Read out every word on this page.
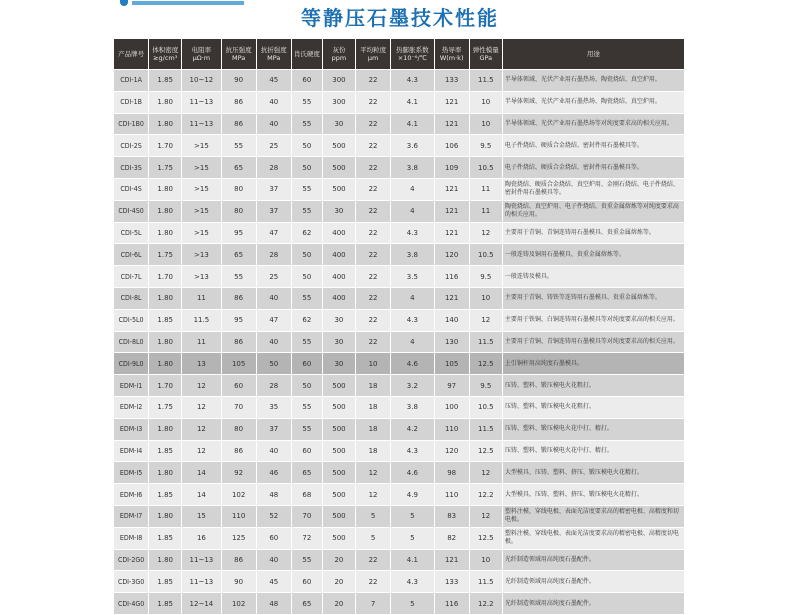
等静压石墨技术性能
产品牌号	体积密度 ≥g/cm³	电阻率 μΩ·m	抗压强度 MPa	抗折强度 MPa	肖氏硬度	灰份 ppm	平均粒度 μm	热膨胀系数 ×10⁻⁶/℃	热导率 W(m·k)	弹性模量 GPa	用途
CDI-1A	1.85	10~12	90	45	60	300	22	4.3	133	11.5	半导体领域、光伏产业用石墨热场、陶瓷烧结、真空炉用。
CDI-1B	1.80	11~13	86	40	55	300	22	4.1	121	10	半导体领域、光伏产业用石墨热场、陶瓷烧结、真空炉用。
CDI-1B0	1.80	11~13	86	40	55	30	22	4.1	121	10	半导体领域、光伏产业用石墨热场等对纯度要求高的相关应用。
CDI-2S	1.70	>15	55	25	50	500	22	3.6	106	9.5	电子件烧结、硬质合金烧结、密封件用石墨模具等。
CDI-3S	1.75	>15	65	28	50	500	22	3.8	109	10.5	电子件烧结、硬质合金烧结、密封件用石墨模具等。
CDI-4S	1.80	>15	80	37	55	500	22	4	121	11	陶瓷烧结、硬质合金烧结、真空炉用、金刚石烧结、电子件烧结、密封件用石墨模具等。
CDI-4S0	1.80	>15	80	37	55	30	22	4	121	11	陶瓷烧结、真空炉用、电子件烧结、贵重金属熔炼等对纯度要求高的相关应用。
CDI-5L	1.80	>15	95	47	62	400	22	4.3	121	12	主要用于青铜、青铜连铸用石墨模具、贵重金属熔炼等。
CDI-6L	1.75	>13	65	28	50	400	22	3.8	120	10.5	一般连铸及铜用石墨模具、贵重金属熔炼等。
CDI-7L	1.70	>13	55	25	50	400	22	3.5	116	9.5	一般连铸及模具。
CDI-8L	1.80	11	86	40	55	400	22	4	121	10	主要用于青铜、铸铁等连铸用石墨模具、贵重金属熔炼等。
CDI-5L0	1.85	11.5	95	47	62	30	22	4.3	140	12	主要用于铁铜、白铜连铸用石墨模具等对纯度要求高的相关应用。
CDI-8L0	1.80	11	86	40	55	30	22	4	130	11.5	主要用于青铜、青铜连铸用石墨模具等对纯度要求高的相关应用。
CDI-9L0	1.80	13	105	50	60	30	10	4.6	105	12.5	上引铜杆用高纯度石墨模具。
EDM-I1	1.70	12	60	28	50	500	18	3.2	97	9.5	压铸、塑料、锻压模电火花粗打。
EDM-I2	1.75	12	70	35	55	500	18	3.8	100	10.5	压铸、塑料、锻压模电火花粗打。
EDM-I3	1.80	12	80	37	55	500	18	4.2	110	11.5	压铸、塑料、锻压模电火花中打、精打。
EDM-I4	1.85	12	86	40	60	500	18	4.3	120	12.5	压铸、塑料、锻压模电火花中打、精打。
EDM-I5	1.80	14	92	46	65	500	12	4.6	98	12	大型模具、压铸、塑料、挤压、锻压模电火花精打。
EDM-I6	1.85	14	102	48	68	500	12	4.9	110	12.2	大型模具、压铸、塑料、挤压、锻压模电火花精打。
EDM-I7	1.80	15	110	52	70	500	5	5	83	12	塑料注模、穿线电极、表面光洁度要求高的精密电极、高精度和切电极。
EDM-I8	1.85	16	125	60	72	500	5	5	82	12.5	塑料注模、穿线电极、表面光洁度要求高的精密电极、高精度切电极。
CDI-2G0	1.80	11~13	86	40	55	20	22	4.1	121	10	光纤制造领域用高纯度石墨配件。
CDI-3G0	1.85	11~13	90	45	60	20	22	4.3	133	11.5	光纤制造领域用高纯度石墨配件。
CDI-4G0	1.85	12~14	102	48	65	20	7	5	116	12.2	光纤制造领域用高纯度石墨配件。
